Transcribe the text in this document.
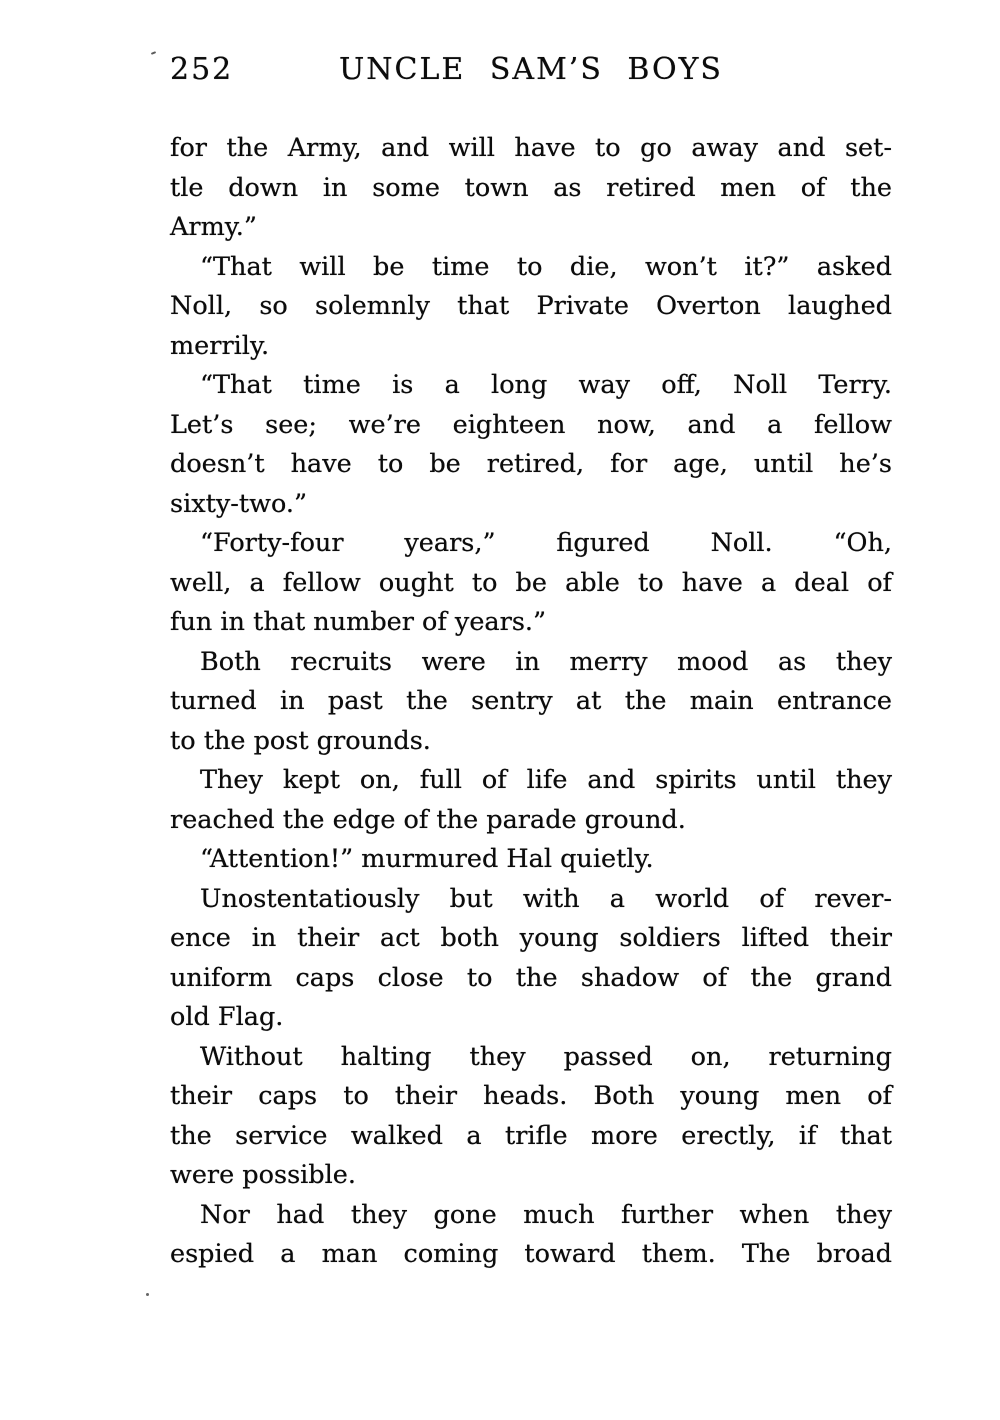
252	UNCLE SAM’S BOYS
for the Army, and will have to go away and set-
tle down in some town as retired men of the
Army.”
“That will be time to die, won’t it?” asked
Noll, so solemnly that Private Overton laughed
merrily.
“That time is a long way off, Noll Terry.
Let’s see; we’re eighteen now, and a fellow
doesn’t have to be retired, for age, until he’s
sixty-two.”
“Forty-four years,” figured Noll. “Oh,
well, a fellow ought to be able to have a deal of
fun in that number of years.”
Both recruits were in merry mood as they
turned in past the sentry at the main entrance
to the post grounds.
They kept on, full of life and spirits until they
reached the edge of the parade ground.
“Attention!” murmured Hal quietly.
Unostentatiously but with a world of rever-
ence in their act both young soldiers lifted their
uniform caps close to the shadow of the grand
old Flag.
Without halting they passed on, returning
their caps to their heads. Both young men of
the service walked a trifle more erectly, if that
were possible.
Nor had they gone much further when they
espied a man coming toward them. The broad
